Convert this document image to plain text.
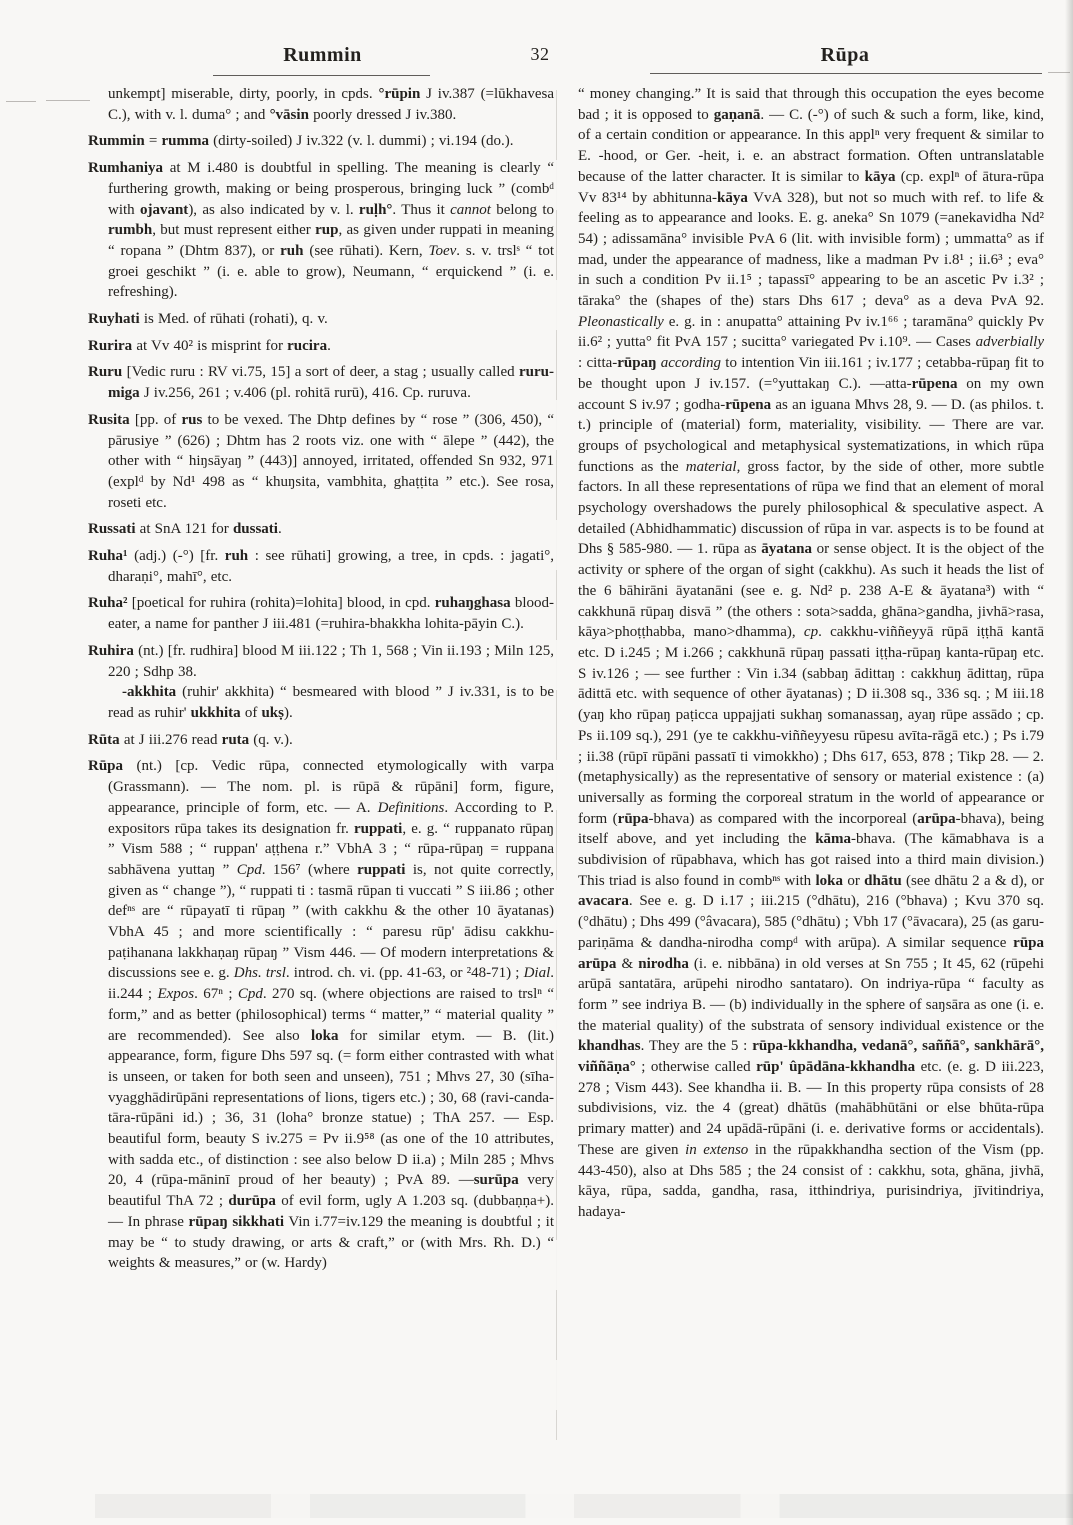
Rummin	32	Rūpa

unkempt] miserable, dirty, poorly, in cpds. °rūpin J iv.387 (=lūkhavesa C.), with v. l. duma° ; and °vāsin poorly dressed J iv.380.

Rummin = rumma (dirty-soiled) J iv.322 (v. l. dummi) ; vi.194 (do.).

Rumhaniya at M i.480 is doubtful in spelling. The meaning is clearly “ furthering growth, making or being prosperous, bringing luck ” (combᵈ with ojavant), as also indicated by v. l. ruḷh°. Thus it cannot belong to rumbh, but must represent either rup, as given under ruppati in meaning “ ropana ” (Dhtm 837), or ruh (see rūhati). Kern, Toev. s. v. trslˢ “ tot groei geschikt ” (i. e. able to grow), Neumann, “ erquickend ” (i. e. refreshing).

Ruyhati is Med. of rūhati (rohati), q. v.

Rurira at Vv 40² is misprint for rucira.

Ruru [Vedic ruru : RV vi.75, 15] a sort of deer, a stag ; usually called ruru-miga J iv.256, 261 ; v.406 (pl. rohitā rurū), 416. Cp. ruruva.

Rusita [pp. of rus to be vexed. The Dhtp defines by “ rose ” (306, 450), “ pārusiye ” (626) ; Dhtm has 2 roots viz. one with “ ālepe ” (442), the other with “ hiŋsāyaŋ ” (443)] annoyed, irritated, offended Sn 932, 971 (explᵈ by Nd¹ 498 as “ khuŋsita, vambhita, ghaṭṭita ” etc.). See rosa, roseti etc.

Russati at SnA 121 for dussati.

Ruha¹ (adj.) (-°) [fr. ruh : see rūhati] growing, a tree, in cpds. : jagati°, dharaṇi°, mahī°, etc.

Ruha² [poetical for ruhira (rohita)=lohita] blood, in cpd. ruhaŋghasa blood-eater, a name for panther J iii.481 (=ruhira-bhakkha lohita-pāyin C.).

Ruhira (nt.) [fr. rudhira] blood M iii.122 ; Th 1, 568 ; Vin ii.193 ; Miln 125, 220 ; Sdhp 38.

-akkhita (ruhir' akkhita) “ besmeared with blood ” J iv.331, is to be read as ruhir' ukkhita of ukṣ).

Rūta at J iii.276 read ruta (q. v.).

Rūpa (nt.) [cp. Vedic rūpa, connected etymologically with varpa (Grassmann). — The nom. pl. is rūpā & rūpāni] form, figure, appearance, principle of form, etc. — A. Definitions. According to P. expositors rūpa takes its designation fr. ruppati, e. g. “ ruppanato rūpaŋ ” Vism 588 ; “ ruppan' aṭṭhena r.” VbhA 3 ; “ rūpa-rūpaŋ = ruppana sabhāvena yuttaŋ ” Cpd. 156⁷ (where ruppati is, not quite correctly, given as “ change ”), “ ruppati ti : tasmā rūpan ti vuccati ” S iii.86 ; other defⁿˢ are “ rūpayatī ti rūpaŋ ” (with cakkhu & the other 10 āyatanas) VbhA 45 ; and more scientifically : “ paresu rūp' ādisu cakkhu-paṭihanana lakkhaṇaŋ rūpaŋ ” Vism 446. — Of modern interpretations & discussions see e. g. Dhs. trsl. introd. ch. vi. (pp. 41-63, or ²48-71) ; Dial. ii.244 ; Expos. 67ⁿ ; Cpd. 270 sq. (where objections are raised to trslⁿ “ form,” and as better (philosophical) terms “ matter,” “ material quality ” are recommended). See also loka for similar etym. — B. (lit.) appearance, form, figure Dhs 597 sq. (= form either contrasted with what is unseen, or taken for both seen and unseen), 751 ; Mhvs 27, 30 (sīha-vyagghādirūpāni representations of lions, tigers etc.) ; 30, 68 (ravi-canda-tāra-rūpāni id.) ; 36, 31 (loha° bronze statue) ; ThA 257. — Esp. beautiful form, beauty S iv.275 = Pv ii.9⁵⁸ (as one of the 10 attributes, with sadda etc., of distinction : see also below D ii.a) ; Miln 285 ; Mhvs 20, 4 (rūpa-māninī proud of her beauty) ; PvA 89. —surūpa very beautiful ThA 72 ; durūpa of evil form, ugly A 1.203 sq. (dubbaṇṇa+). — In phrase rūpaŋ sikkhati Vin i.77=iv.129 the meaning is doubtful ; it may be “ to study drawing, or arts & craft,” or (with Mrs. Rh. D.) “ weights & measures,” or (w. Hardy)

“ money changing.” It is said that through this occupation the eyes become bad ; it is opposed to gaṇanā. — C. (-°) of such & such a form, like, kind, of a certain condition or appearance. In this applⁿ very frequent & similar to E. -hood, or Ger. -heit, i. e. an abstract formation. Often untranslatable because of the latter character. It is similar to kāya (cp. explⁿ of ātura-rūpa Vv 83¹⁴ by abhitunna-kāya VvA 328), but not so much with ref. to life & feeling as to appearance and looks. E. g. aneka° Sn 1079 (=anekavidha Nd² 54) ; adissamāna° invisible PvA 6 (lit. with invisible form) ; ummatta° as if mad, under the appearance of madness, like a madman Pv i.8¹ ; ii.6³ ; eva° in such a condition Pv ii.1⁵ ; tapassī° appearing to be an ascetic Pv i.3² ; tāraka° the (shapes of the) stars Dhs 617 ; deva° as a deva PvA 92. Pleonastically e. g. in : anupatta° attaining Pv iv.1⁶⁶ ; taramāna° quickly Pv ii.6² ; yutta° fit PvA 157 ; sucitta° variegated Pv i.10⁹. — Cases adverbially : citta-rūpaŋ according to intention Vin iii.161 ; iv.177 ; cetabba-rūpaŋ fit to be thought upon J iv.157. (=°yuttakaŋ C.). —atta-rūpena on my own account S iv.97 ; godha-rūpena as an iguana Mhvs 28, 9. — D. (as philos. t. t.) principle of (material) form, materiality, visibility. — There are var. groups of psychological and metaphysical systematizations, in which rūpa functions as the material, gross factor, by the side of other, more subtle factors. In all these representations of rūpa we find that an element of moral psychology overshadows the purely philosophical & speculative aspect. A detailed (Abhidhammatic) discussion of rūpa in var. aspects is to be found at Dhs § 585-980. — 1. rūpa as āyatana or sense object. It is the object of the activity or sphere of the organ of sight (cakkhu). As such it heads the list of the 6 bāhirāni āyatanāni (see e. g. Nd² p. 238 A-E & āyatana³) with “ cakkhunā rūpaŋ disvā ” (the others : sota>sadda, ghāna>gandha, jivhā>rasa, kāya>phoṭṭhabba, mano>dhamma), cp. cakkhu-viññeyyā rūpā iṭṭhā kantā etc. D i.245 ; M i.266 ; cakkhunā rūpaŋ passati iṭṭha-rūpaŋ kanta-rūpaŋ etc. S iv.126 ; — see further : Vin i.34 (sabbaŋ ādittaŋ : cakkhuŋ ādittaŋ, rūpa ādittā etc. with sequence of other āyatanas) ; D ii.308 sq., 336 sq. ; M iii.18 (yaŋ kho rūpaŋ paṭicca uppajjati sukhaŋ somanassaŋ, ayaŋ rūpe assādo ; cp. Ps ii.109 sq.), 291 (ye te cakkhu-viññeyyesu rūpesu avīta-rāgā etc.) ; Ps i.79 ; ii.38 (rūpī rūpāni passatī ti vimokkho) ; Dhs 617, 653, 878 ; Tikp 28. — 2. (metaphysically) as the representative of sensory or material existence : (a) universally as forming the corporeal stratum in the world of appearance or form (rūpa-bhava) as compared with the incorporeal (arūpa-bhava), being itself above, and yet including the kāma-bhava. (The kāmabhava is a subdivision of rūpabhava, which has got raised into a third main division.) This triad is also found in combⁿˢ with loka or dhātu (see dhātu 2 a & d), or avacara. See e. g. D i.17 ; iii.215 (°dhātu), 216 (°bhava) ; Kvu 370 sq. (°dhātu) ; Dhs 499 (°âvacara), 585 (°dhātu) ; Vbh 17 (°āvacara), 25 (as garu-pariṇāma & dandha-nirodha compᵈ with arūpa). A similar sequence rūpa arūpa & nirodha (i. e. nibbāna) in old verses at Sn 755 ; It 45, 62 (rūpehi arūpā santatāra, arūpehi nirodho santataro). On indriya-rūpa “ faculty as form ” see indriya B. — (b) individually in the sphere of saŋsāra as one (i. e. the material quality) of the substrata of sensory individual existence or the khandhas. They are the 5 : rūpa-kkhandha, vedanā°, saññā°, sankhārā°, viññāṇa° ; otherwise called rūp' ûpādāna-kkhandha etc. (e. g. D iii.223, 278 ; Vism 443). See khandha ii. B. — In this property rūpa consists of 28 subdivisions, viz. the 4 (great) dhātūs (mahābhūtāni or else bhūta-rūpa primary matter) and 24 upādā-rūpāni (i. e. derivative forms or accidentals). These are given in extenso in the rūpakkhandha section of the Vism (pp. 443-450), also at Dhs 585 ; the 24 consist of : cakkhu, sota, ghāna, jivhā, kāya, rūpa, sadda, gandha, rasa, itthindriya, purisindriya, jīvitindriya, hadaya-
